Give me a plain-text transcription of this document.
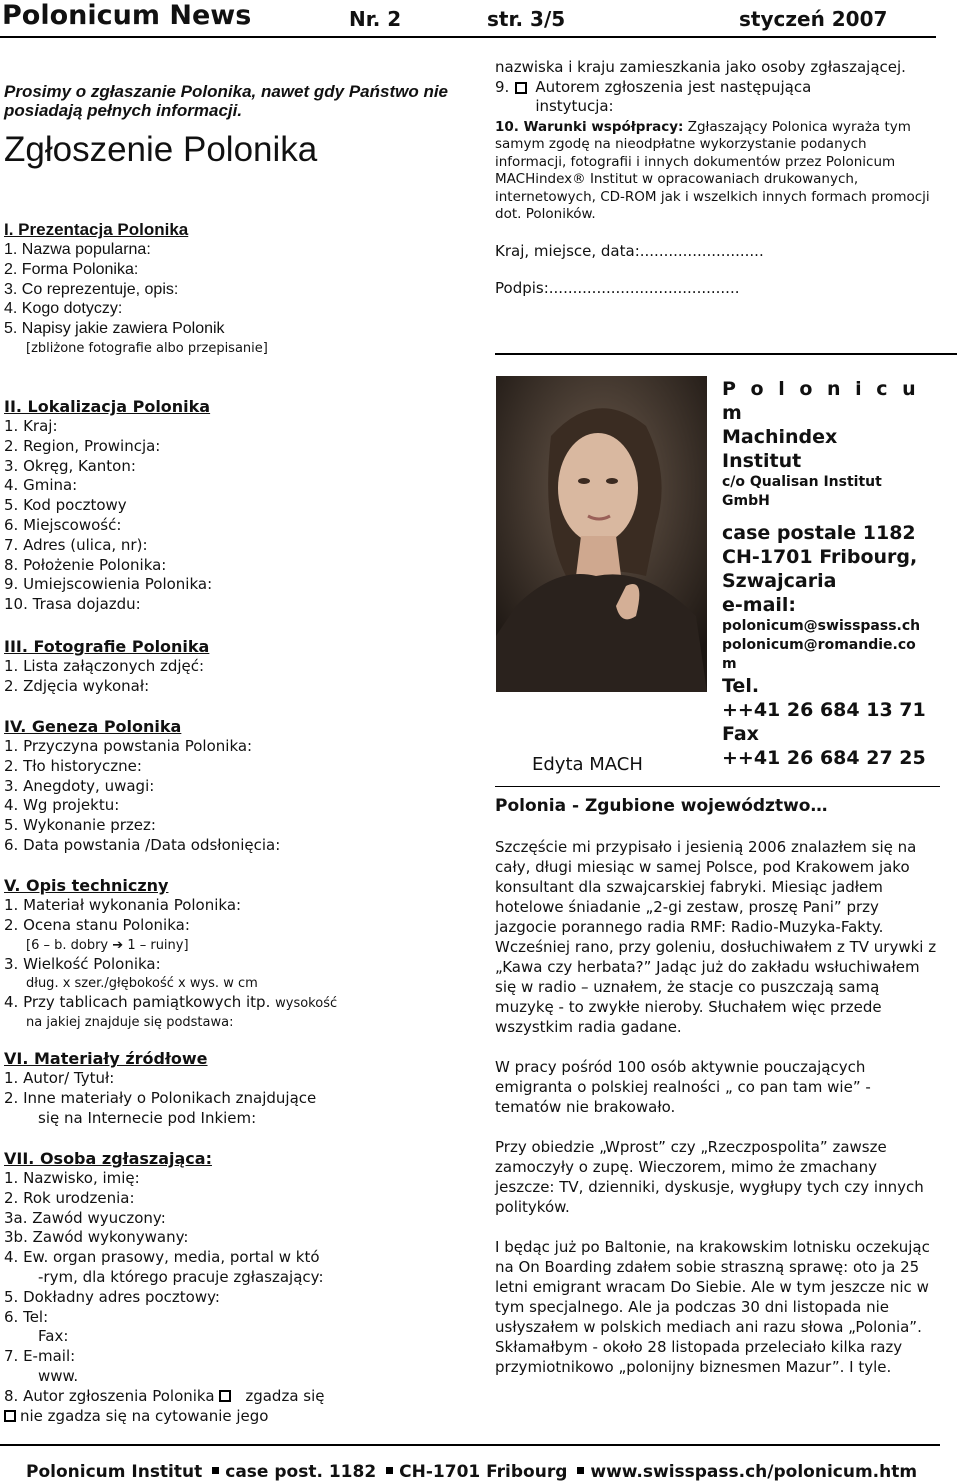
Polonicum News	Nr. 2	str. 3/5	styczeń 2007
Prosimy o zgłaszanie Polonika, nawet gdy Państwo nie posiadają pełnych informacji.
Zgłoszenie Polonika
I. Prezentacja Polonika
1. Nazwa popularna:
2. Forma Polonika:
3. Co reprezentuje, opis:
4. Kogo dotyczy:
5. Napisy jakie zawiera Polonik
[zbliżone fotografie albo przepisanie]
II. Lokalizacja Polonika
1. Kraj:
2. Region, Prowincja:
3. Okręg, Kanton:
4. Gmina:
5. Kod pocztowy
6. Miejscowość:
7. Adres (ulica, nr):
8. Położenie Polonika:
9. Umiejscowienia Polonika:
10. Trasa dojazdu:
III. Fotografie Polonika
1. Lista załączonych zdjęć:
2. Zdjęcia wykonał:
IV. Geneza Polonika
1. Przyczyna powstania Polonika:
2. Tło historyczne:
3. Anegdoty, uwagi:
4. Wg projektu:
5. Wykonanie przez:
6. Data powstania /Data odsłonięcia:
V. Opis techniczny
1. Materiał wykonania Polonika:
2. Ocena stanu Polonika:
[6 – b. dobry ➔ 1 – ruiny]
3. Wielkość Polonika:
dług. x szer./głębokość x wys. w cm
4. Przy tablicach pamiątkowych itp. wysokość
na jakiej znajduje się podstawa:
VI. Materiały źródłowe
1. Autor/ Tytuł:
2. Inne materiały o Polonikach znajdujące
się na Internecie pod Inkiem:
VII. Osoba zgłaszająca:
1. Nazwisko, imię:
2. Rok urodzenia:
3a. Zawód wyuczony:
3b. Zawód wykonywany:
4. Ew. organ prasowy, media, portal w któ
-rym, dla którego pracuje zgłaszający:
5. Dokładny adres pocztowy:
6. Tel:
Fax:
7. E-mail:
www.
8. Autor zgłoszenia Polonika zgadza się
nie zgadza się na cytowanie jego
nazwiska i kraju zamieszkania jako osoby zgłaszającej.
9. Autorem zgłoszenia jest następująca instytucja:
10. Warunki współpracy: Zgłaszający Polonica wyraża tym samym zgodę na nieodpłatne wykorzystanie podanych informacji, fotografii i innych dokumentów przez Polonicum MACHindex® Institut w opracowaniach drukowanych, internetowych, CD-ROM jak i wszelkich innych formach promocji dot. Poloników.
Kraj, miejsce, data:..........................
Podpis:........................................
Edyta MACH
P o l o n i c u m
Machindex
Institut
c/o Qualisan Institut
GmbH
case postale 1182
CH-1701 Fribourg,
Szwajcaria
e-mail:
polonicum@swisspass.ch
polonicum@romandie.co
m
Tel.
++41 26 684 13 71
Fax
++41 26 684 27 25
Polonia - Zgubione województwo…
Szczęście mi przypisało i jesienią 2006 znalazłem się na cały, długi miesiąc w samej Polsce, pod Krakowem jako konsultant dla szwajcarskiej fabryki. Miesiąc jadłem hotelowe śniadanie „2-gi zestaw, proszę Pani” przy jazgocie porannego radia RMF: Radio-Muzyka-Fakty.
Wcześniej rano, przy goleniu, dosłuchiwałem z TV urywki z „Kawa czy herbata?” Jadąc już do zakładu wsłuchiwałem się w radio – uznałem, że stacje co puszczają samą muzykę - to zwykłe nieroby. Słuchałem więc przede wszystkim radia gadane.
W pracy pośród 100 osób aktywnie pouczających emigranta o polskiej realności „ co pan tam wie” - tematów nie brakowało.
Przy obiedzie „Wprost” czy „Rzeczpospolita” zawsze zamoczyły o zupę. Wieczorem, mimo że zmachany jeszcze: TV, dzienniki, dyskusje, wygłupy tych czy innych polityków.
I będąc już po Baltonie, na krakowskim lotnisku oczekując na On Boarding zdałem sobie straszną sprawę: oto ja 25 letni emigrant wracam Do Siebie. Ale w tym jeszcze nic w tym specjalnego. Ale ja podczas 30 dni listopada nie usłyszałem w polskich mediach ani razu słowa „Polonia”. Skłamałbym - około 28 listopada przeleciało kilka razy przymiotnikowo „polonijny biznesmen Mazur”. I tyle.
Polonicum Institut case post. 1182 CH-1701 Fribourg www.swisspass.ch/polonicum.htm
